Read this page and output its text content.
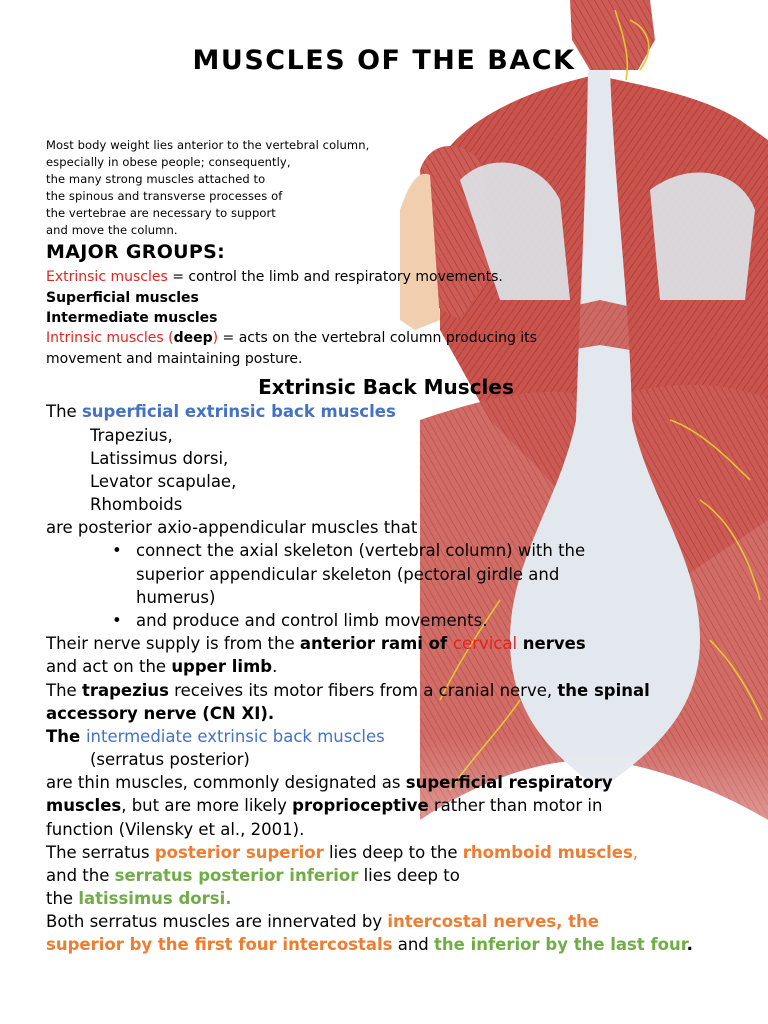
MUSCLES OF THE BACK
Most body weight lies anterior to the vertebral column,
especially in obese people; consequently,
the many strong muscles attached to
the spinous and transverse processes of
the vertebrae are necessary to support
and move the column.
MAJOR GROUPS:
Extrinsic muscles = control the limb and respiratory movements.
Superficial muscles
Intermediate muscles
Intrinsic muscles (deep) = acts on the vertebral column producing its
movement and maintaining posture.
Extrinsic Back Muscles
The superficial extrinsic back muscles
Trapezius,
Latissimus dorsi,
Levator scapulae,
Rhomboids
are posterior axio-appendicular muscles that
• connect the axial skeleton (vertebral column) with the
superior appendicular skeleton (pectoral girdle and
humerus)
• and produce and control limb movements.
Their nerve supply is from the anterior rami of cervical nerves
and act on the upper limb.
The trapezius receives its motor fibers from a cranial nerve, the spinal
accessory nerve (CN XI).
The intermediate extrinsic back muscles
(serratus posterior)
are thin muscles, commonly designated as superficial respiratory
muscles, but are more likely proprioceptive rather than motor in
function (Vilensky et al., 2001).
The serratus posterior superior lies deep to the rhomboid muscles,
and the serratus posterior inferior lies deep to
the latissimus dorsi.
Both serratus muscles are innervated by intercostal nerves, the
superior by the first four intercostals and the inferior by the last four.
